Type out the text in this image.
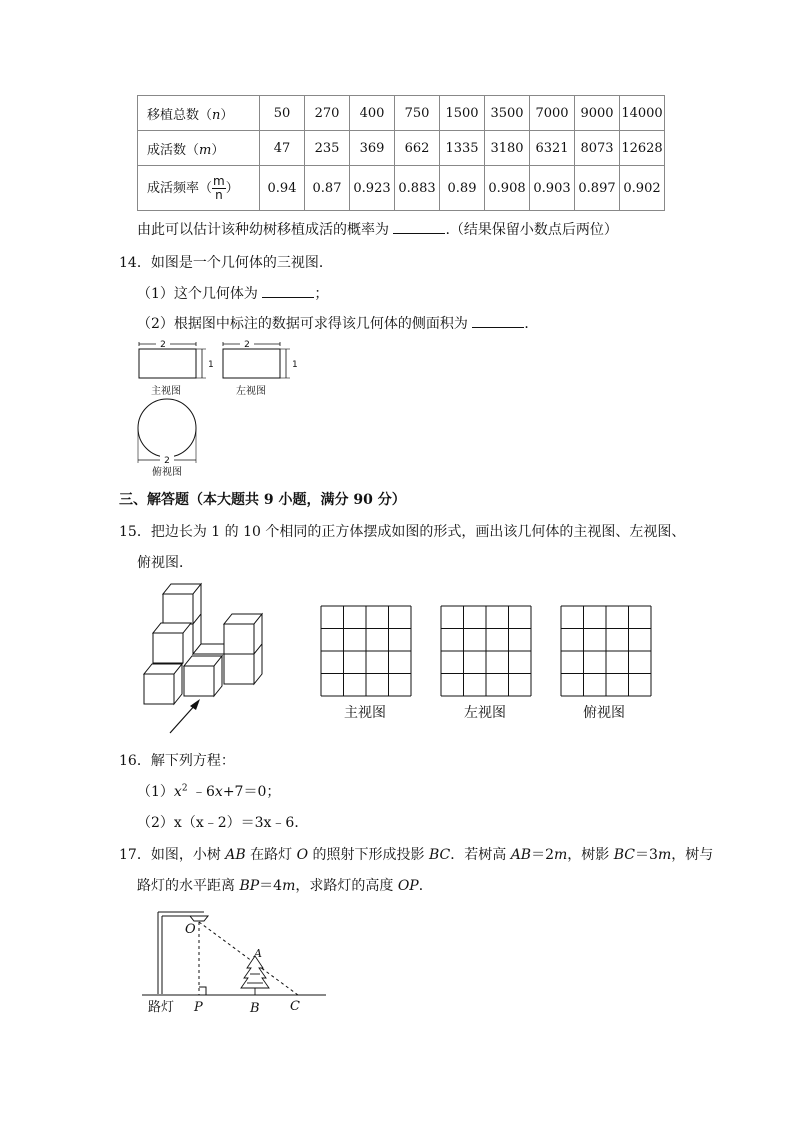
移植总数（n）	50	270	400	750	1500	3500	7000	9000	14000
成活数（m）	47	235	369	662	1335	3180	6321	8073	12628
成活频率（ $\frac{m}{n}$ ）	0.94	0.87	0.923	0.883	0.89	0.908	0.903	0.897	0.902
由此可以估计该种幼树移植成活的概率为	.（结果保留小数点后两位）
14．如图是一个几何体的三视图．
（1）这个几何体为	；
（2）根据图中标注的数据可求得该几何体的侧面积为	．
2
1
主视图
2
1
左视图
2
俯视图
三、解答题（本大题共 9 小题，满分 90 分）
15．把边长为 1 的 10 个相同的正方体摆成如图的形式，画出该几何体的主视图、左视图、
俯视图．
主视图	左视图	俯视图
16．解下列方程：
$(1)x^2$ ﹣6x+7＝0；
（2）x（x﹣2）＝3x﹣6．
17．如图，小树 AB 在路灯 O 的照射下形成投影 BC．若树高 AB＝2m，树影 BC＝3m，树与
路灯的水平距离 BP＝4m，求路灯的高度 OP．
O
A
P	B C
路灯
